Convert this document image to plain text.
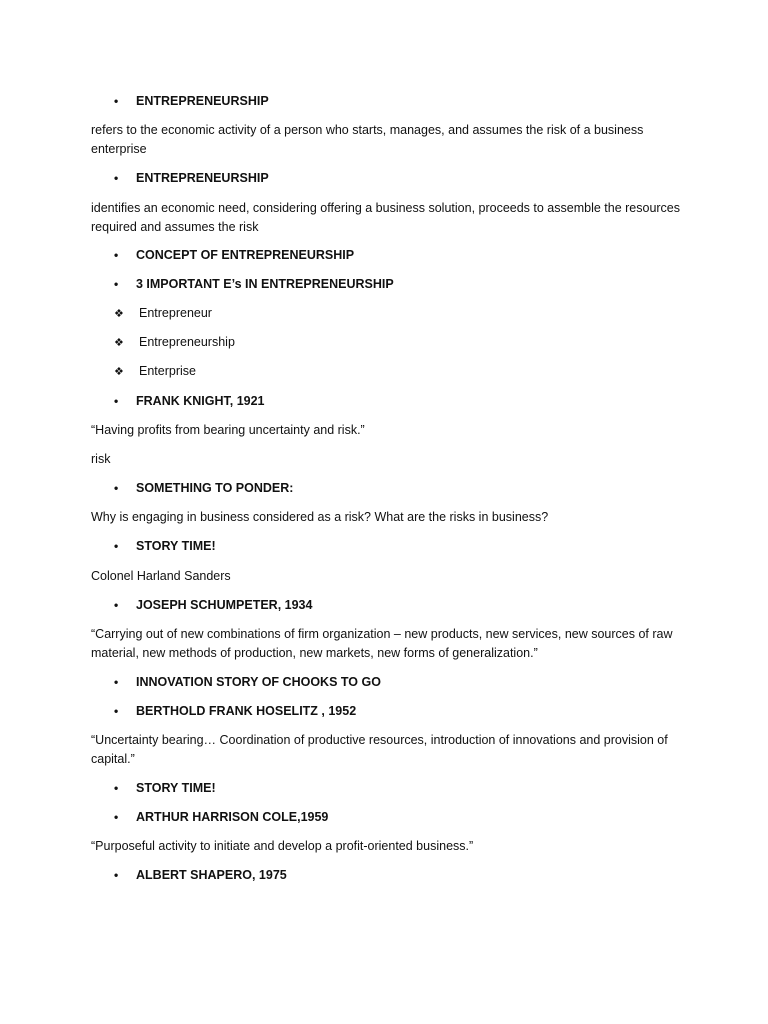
• ENTREPRENEURSHIP
refers to the economic activity of a person who starts, manages, and assumes the risk of a business enterprise
• ENTREPRENEURSHIP
identifies an economic need, considering offering a business solution, proceeds to assemble the resources required and assumes the risk
• CONCEPT OF ENTREPRENEURSHIP
• 3 IMPORTANT E’s IN ENTREPRENEURSHIP
❖ Entrepreneur
❖ Entrepreneurship
❖ Enterprise
• FRANK KNIGHT, 1921
“Having profits from bearing uncertainty and risk.”
risk
• SOMETHING TO PONDER:
Why is engaging in business considered as a risk? What are the risks in business?
• STORY TIME!
Colonel Harland Sanders
• JOSEPH SCHUMPETER, 1934
“Carrying out of new combinations of firm organization – new products, new services, new sources of raw material, new methods of production, new markets, new forms of generalization.”
• INNOVATION STORY OF CHOOKS TO GO
• BERTHOLD FRANK HOSELITZ , 1952
“Uncertainty bearing… Coordination of productive resources, introduction of innovations and provision of capital.”
• STORY TIME!
• ARTHUR HARRISON COLE,1959
“Purposeful activity to initiate and develop a profit-oriented business.”
• ALBERT SHAPERO, 1975
